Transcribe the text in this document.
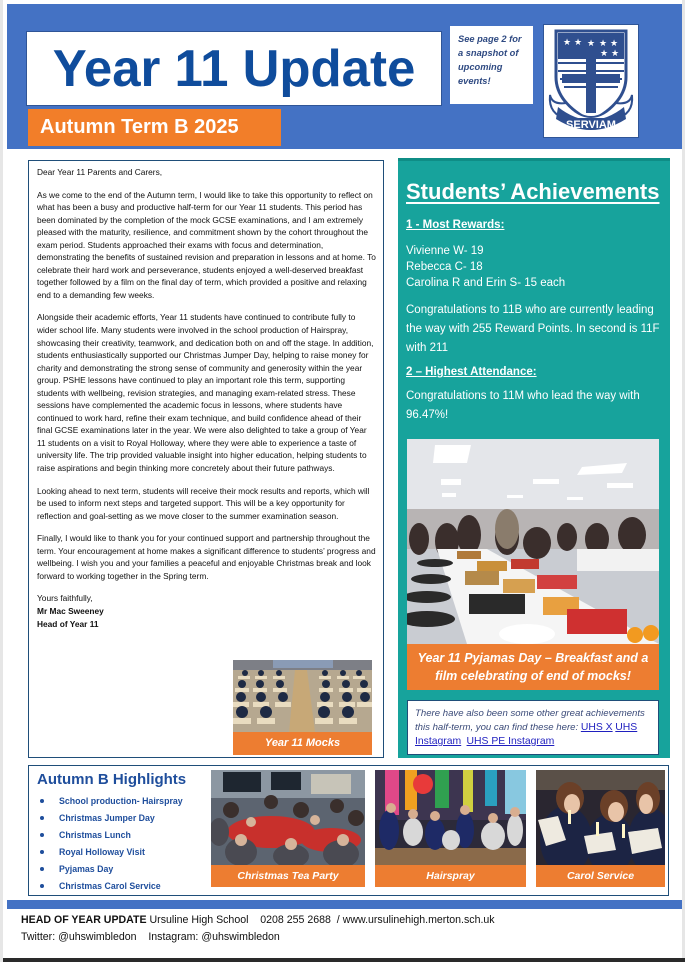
Year 11 Update
Autumn Term B 2025
See page 2 for a snapshot of upcoming events!
★ ★ ★ ★ ★
★ ★
SERVIAM

Dear Year 11 Parents and Carers,

As we come to the end of the Autumn term, I would like to take this opportunity to reflect on what has been a busy and productive half-term for our Year 11 students. This period has been dominated by the completion of the mock GCSE examinations, and I am extremely pleased with the maturity, resilience, and commitment shown by the cohort throughout the exam period. Students approached their exams with focus and determination, demonstrating the benefits of sustained revision and preparation in lessons and at home. To celebrate their hard work and perseverance, students enjoyed a well-deserved breakfast together followed by a film on the final day of term, which provided a positive and relaxing end to a demanding few weeks.

Alongside their academic efforts, Year 11 students have continued to contribute fully to wider school life. Many students were involved in the school production of Hairspray, showcasing their creativity, teamwork, and dedication both on and off the stage. In addition, students enthusiastically supported our Christmas Jumper Day, helping to raise money for charity and demonstrating the strong sense of community and generosity within the year group. PSHE lessons have continued to play an important role this term, supporting students with wellbeing, revision strategies, and managing exam-related stress. These sessions have complemented the academic focus in lessons, where students have continued to work hard, refine their exam technique, and build confidence ahead of their final GCSE examinations later in the year. We were also delighted to take a group of Year 11 students on a visit to Royal Holloway, where they were able to experience a taste of university life. The trip provided valuable insight into higher education, helping students to raise aspirations and begin thinking more concretely about their future pathways.

Looking ahead to next term, students will receive their mock results and reports, which will be used to inform next steps and targeted support. This will be a key opportunity for reflection and goal-setting as we move closer to the summer examination season.

Finally, I would like to thank you for your continued support and partnership throughout the term. Your encouragement at home makes a significant difference to students’ progress and wellbeing. I wish you and your families a peaceful and enjoyable Christmas break and look forward to working together in the Spring term.

Yours faithfully,
Mr Mac Sweeney
Head of Year 11
Year 11 Mocks
Students’ Achievements
1 - Most Rewards:
Vivienne W- 19
Rebecca C- 18
Carolina R and Erin S- 15 each
Congratulations to 11B who are currently leading the way with 255 Reward Points. In second is 11F with 211
2 – Highest Attendance:
Congratulations to 11M who lead the way with 96.47%!
Year 11 Pyjamas Day – Breakfast and a film celebrating of end of mocks!
There have also been some other great achievements this half-term, you can find these here: UHS X UHS Instagram UHS PE Instagram
Autumn B Highlights
School production- Hairspray
Christmas Jumper Day
Christmas Lunch
Royal Holloway Visit
Pyjamas Day
Christmas Carol Service
Christmas Tea Party	Hairspray	Carol Service
HEAD OF YEAR UPDATE Ursuline High School    0208 255 2688  / www.ursulinehigh.merton.sch.uk
Twitter: @uhswimbledon    Instagram: @uhswimbledon
